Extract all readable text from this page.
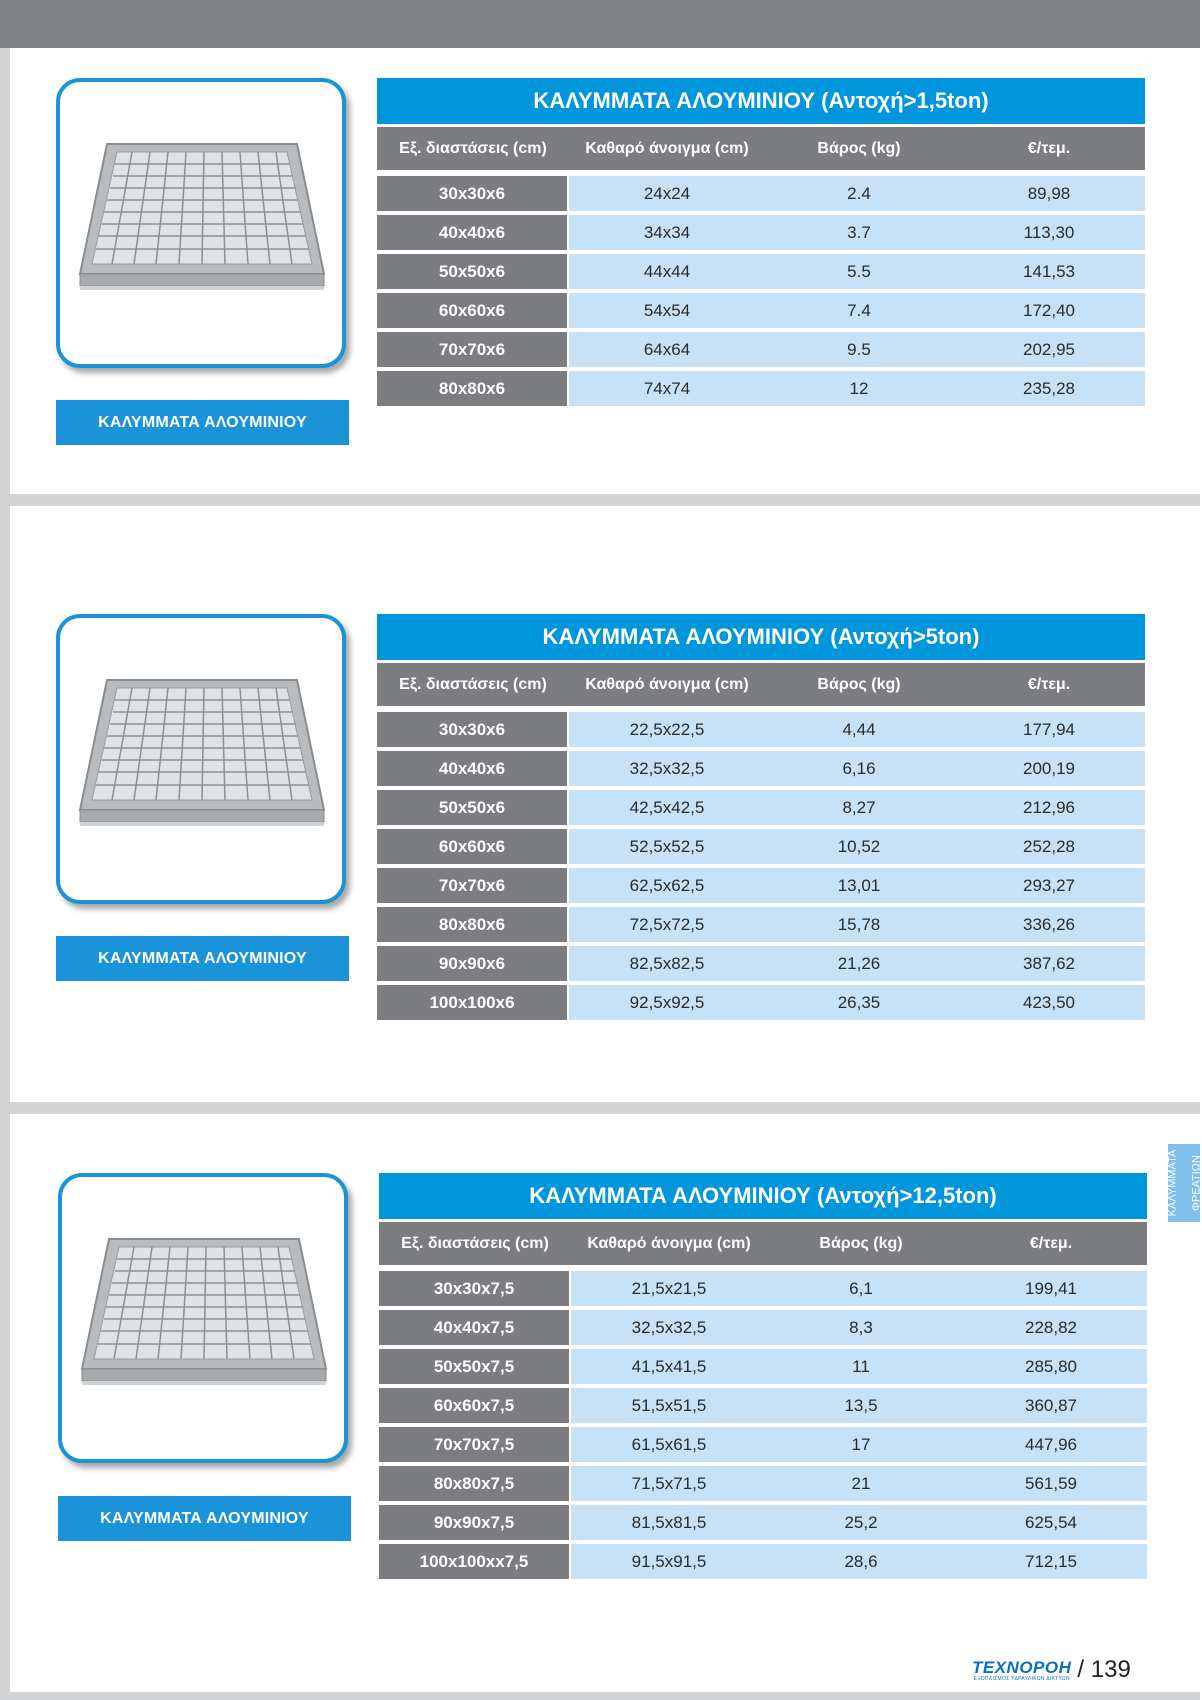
ΚΑΛΥΜΜΑΤΑ ΑΛΟΥΜΙΝΙΟΥ
ΚΑΛΥΜΜΑΤΑ ΑΛΟΥΜΙΝΙΟΥ (Αντοχή>1,5ton)
Εξ. διαστάσεις (cm)	Καθαρό άνοιγμα (cm)	Βάρος (kg)	€/τεμ.
30x30x6	24x24	2.4	89,98
40x40x6	34x34	3.7	113,30
50x50x6	44x44	5.5	141,53
60x60x6	54x54	7.4	172,40
70x70x6	64x64	9.5	202,95
80x80x6	74x74	12	235,28
ΚΑΛΥΜΜΑΤΑ ΑΛΟΥΜΙΝΙΟΥ
ΚΑΛΥΜΜΑΤΑ ΑΛΟΥΜΙΝΙΟΥ (Αντοχή>5ton)
Εξ. διαστάσεις (cm)	Καθαρό άνοιγμα (cm)	Βάρος (kg)	€/τεμ.
30x30x6	22,5x22,5	4,44	177,94
40x40x6	32,5x32,5	6,16	200,19
50x50x6	42,5x42,5	8,27	212,96
60x60x6	52,5x52,5	10,52	252,28
70x70x6	62,5x62,5	13,01	293,27
80x80x6	72,5x72,5	15,78	336,26
90x90x6	82,5x82,5	21,26	387,62
100x100x6	92,5x92,5	26,35	423,50
ΚΑΛΥΜΜΑΤΑ ΑΛΟΥΜΙΝΙΟΥ
ΚΑΛΥΜΜΑΤΑ ΑΛΟΥΜΙΝΙΟΥ (Αντοχή>12,5ton)
Εξ. διαστάσεις (cm)	Καθαρό άνοιγμα (cm)	Βάρος (kg)	€/τεμ.
30x30x7,5	21,5x21,5	6,1	199,41
40x40x7,5	32,5x32,5	8,3	228,82
50x50x7,5	41,5x41,5	11	285,80
60x60x7,5	51,5x51,5	13,5	360,87
70x70x7,5	61,5x61,5	17	447,96
80x80x7,5	71,5x71,5	21	561,59
90x90x7,5	81,5x81,5	25,2	625,54
100x100xx7,5	91,5x91,5	28,6	712,15
ΚΑΛΥΜΜΑΤΑ ΦΡΕΑΤΙΩΝ
ΤΕΧΝΟΡΟΗ
ΕΞΟΠΛΙΣΜΟΣ ΥΔΡΑΥΛΙΚΩΝ ΔΙΚΤΥΩΝ / 139
